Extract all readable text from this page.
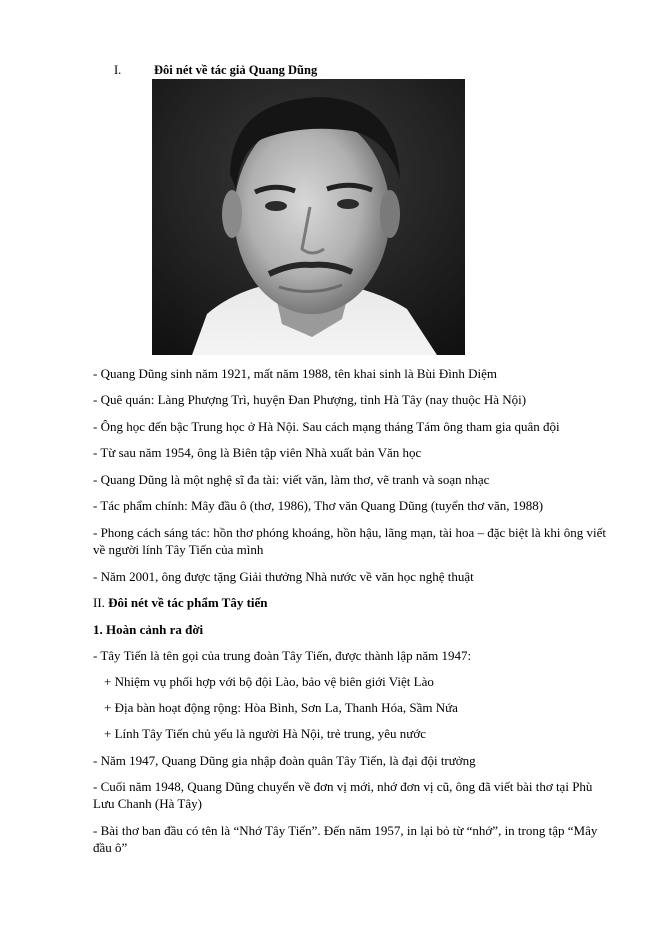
I.	Đôi nét về tác giả Quang Dũng
- Quang Dũng sinh năm 1921, mất năm 1988, tên khai sinh là Bùi Đình Diệm
- Quê quán: Làng Phượng Trì, huyện Đan Phượng, tỉnh Hà Tây (nay thuộc Hà Nội)
- Ông học đến bậc Trung học ở Hà Nội. Sau cách mạng tháng Tám ông tham gia quân đội
- Từ sau năm 1954, ông là Biên tập viên Nhà xuất bản Văn học
- Quang Dũng là một nghệ sĩ đa tài: viết văn, làm thơ, vẽ tranh và soạn nhạc
- Tác phẩm chính: Mây đầu ô (thơ, 1986), Thơ văn Quang Dũng (tuyển thơ văn, 1988)
- Phong cách sáng tác: hồn thơ phóng khoáng, hồn hậu, lãng mạn, tài hoa – đặc biệt là khi ông viết về người lính Tây Tiến của mình
- Năm 2001, ông được tặng Giải thưởng Nhà nước về văn học nghệ thuật
II. Đôi nét về tác phẩm Tây tiến
1. Hoàn cảnh ra đời
- Tây Tiến là tên gọi của trung đoàn Tây Tiến, được thành lập năm 1947:
+ Nhiệm vụ phối hợp với bộ đội Lào, bảo vệ biên giới Việt Lào
+ Địa bàn hoạt động rộng: Hòa Bình, Sơn La, Thanh Hóa, Sầm Nứa
+ Lính Tây Tiến chủ yếu là người Hà Nội, trẻ trung, yêu nước
- Năm 1947, Quang Dũng gia nhập đoàn quân Tây Tiến, là đại đội trưởng
- Cuối năm 1948, Quang Dũng chuyển về đơn vị mới, nhớ đơn vị cũ, ông đã viết bài thơ tại Phù Lưu Chanh (Hà Tây)
- Bài thơ ban đầu có tên là “Nhớ Tây Tiến”. Đến năm 1957, in lại bỏ từ “nhớ”, in trong tập “Mây đầu ô”
